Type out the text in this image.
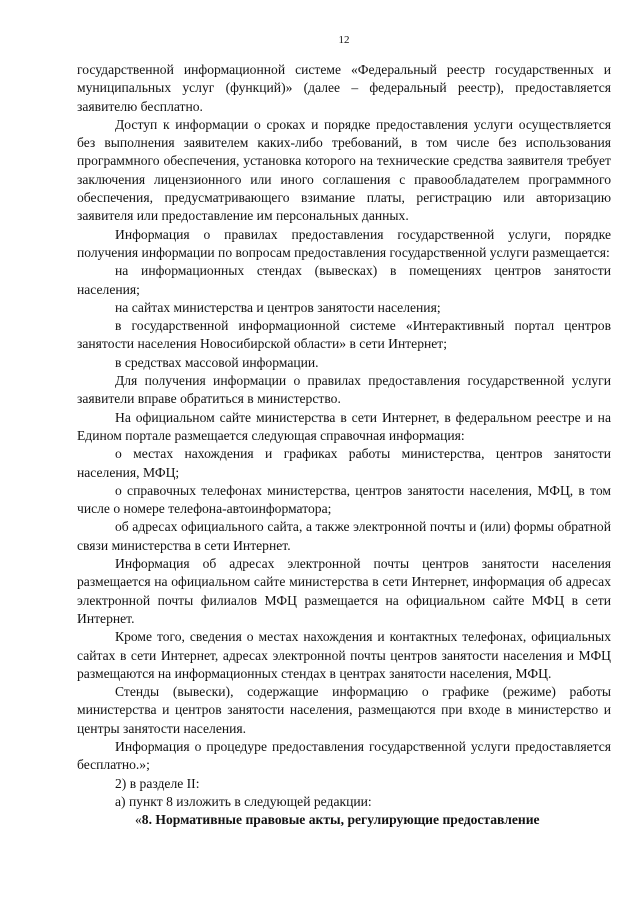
12

государственной информационной системе «Федеральный реестр государственных и муниципальных услуг (функций)» (далее – федеральный реестр), предоставляется заявителю бесплатно.

Доступ к информации о сроках и порядке предоставления услуги осуществляется без выполнения заявителем каких-либо требований, в том числе без использования программного обеспечения, установка которого на технические средства заявителя требует заключения лицензионного или иного соглашения с правообладателем программного обеспечения, предусматривающего взимание платы, регистрацию или авторизацию заявителя или предоставление им персональных данных.

Информация о правилах предоставления государственной услуги, порядке получения информации по вопросам предоставления государственной услуги размещается:

на информационных стендах (вывесках) в помещениях центров занятости населения;

на сайтах министерства и центров занятости населения;

в государственной информационной системе «Интерактивный портал центров занятости населения Новосибирской области» в сети Интернет;

в средствах массовой информации.

Для получения информации о правилах предоставления государственной услуги заявители вправе обратиться в министерство.

На официальном сайте министерства в сети Интернет, в федеральном реестре и на Едином портале размещается следующая справочная информация:

о местах нахождения и графиках работы министерства, центров занятости населения, МФЦ;

о справочных телефонах министерства, центров занятости населения, МФЦ, в том числе о номере телефона-автоинформатора;

об адресах официального сайта, а также электронной почты и (или) формы обратной связи министерства в сети Интернет.

Информация об адресах электронной почты центров занятости населения размещается на официальном сайте министерства в сети Интернет, информация об адресах электронной почты филиалов МФЦ размещается на официальном сайте МФЦ в сети Интернет.

Кроме того, сведения о местах нахождения и контактных телефонах, официальных сайтах в сети Интернет, адресах электронной почты центров занятости населения и МФЦ размещаются на информационных стендах в центрах занятости населения, МФЦ.

Стенды (вывески), содержащие информацию о графике (режиме) работы министерства и центров занятости населения, размещаются при входе в министерство и центры занятости населения.

Информация о процедуре предоставления государственной услуги предоставляется бесплатно.»;

2) в разделе II:

а) пункт 8 изложить в следующей редакции:

«8. Нормативные правовые акты, регулирующие предоставление
